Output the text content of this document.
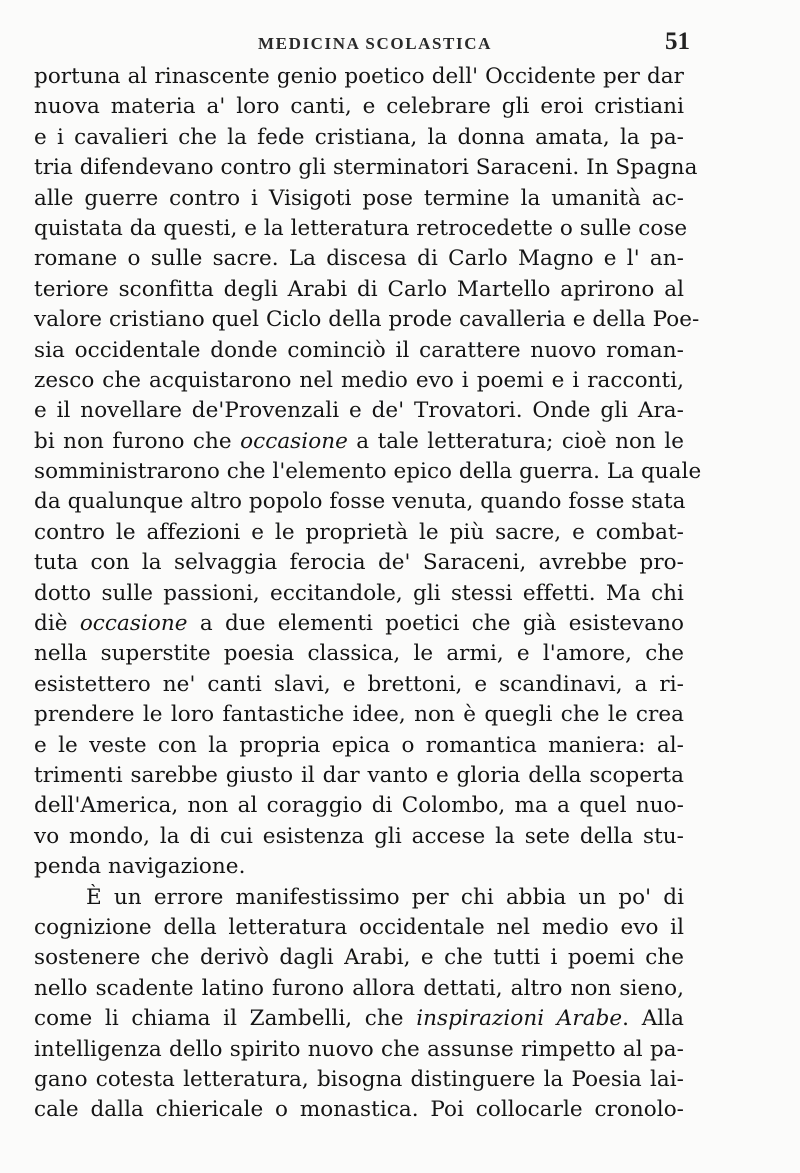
MEDICINA SCOLASTICA	51
portuna al rinascente genio poetico dell' Occidente per dar
nuova materia a' loro canti, e celebrare gli eroi cristiani
e i cavalieri che la fede cristiana, la donna amata, la pa-
tria difendevano contro gli sterminatori Saraceni. In Spagna
alle guerre contro i Visigoti pose termine la umanità ac-
quistata da questi, e la letteratura retrocedette o sulle cose
romane o sulle sacre. La discesa di Carlo Magno e l' an-
teriore sconfitta degli Arabi di Carlo Martello aprirono al
valore cristiano quel Ciclo della prode cavalleria e della Poe-
sia occidentale donde cominciò il carattere nuovo roman-
zesco che acquistarono nel medio evo i poemi e i racconti,
e il novellare de'Provenzali e de' Trovatori. Onde gli Ara-
bi non furono che occasione a tale letteratura; cioè non le
somministrarono che l'elemento epico della guerra. La quale
da qualunque altro popolo fosse venuta, quando fosse stata
contro le affezioni e le proprietà le più sacre, e combat-
tuta con la selvaggia ferocia de' Saraceni, avrebbe pro-
dotto sulle passioni, eccitandole, gli stessi effetti. Ma chi
diè occasione a due elementi poetici che già esistevano
nella superstite poesia classica, le armi, e l'amore, che
esistettero ne' canti slavi, e brettoni, e scandinavi, a ri-
prendere le loro fantastiche idee, non è quegli che le crea
e le veste con la propria epica o romantica maniera: al-
trimenti sarebbe giusto il dar vanto e gloria della scoperta
dell'America, non al coraggio di Colombo, ma a quel nuo-
vo mondo, la di cui esistenza gli accese la sete della stu-
penda navigazione.
È un errore manifestissimo per chi abbia un po' di
cognizione della letteratura occidentale nel medio evo il
sostenere che derivò dagli Arabi, e che tutti i poemi che
nello scadente latino furono allora dettati, altro non sieno,
come li chiama il Zambelli, che inspirazioni Arabe. Alla
intelligenza dello spirito nuovo che assunse rimpetto al pa-
gano cotesta letteratura, bisogna distinguere la Poesia lai-
cale dalla chiericale o monastica. Poi collocarle cronolo-
